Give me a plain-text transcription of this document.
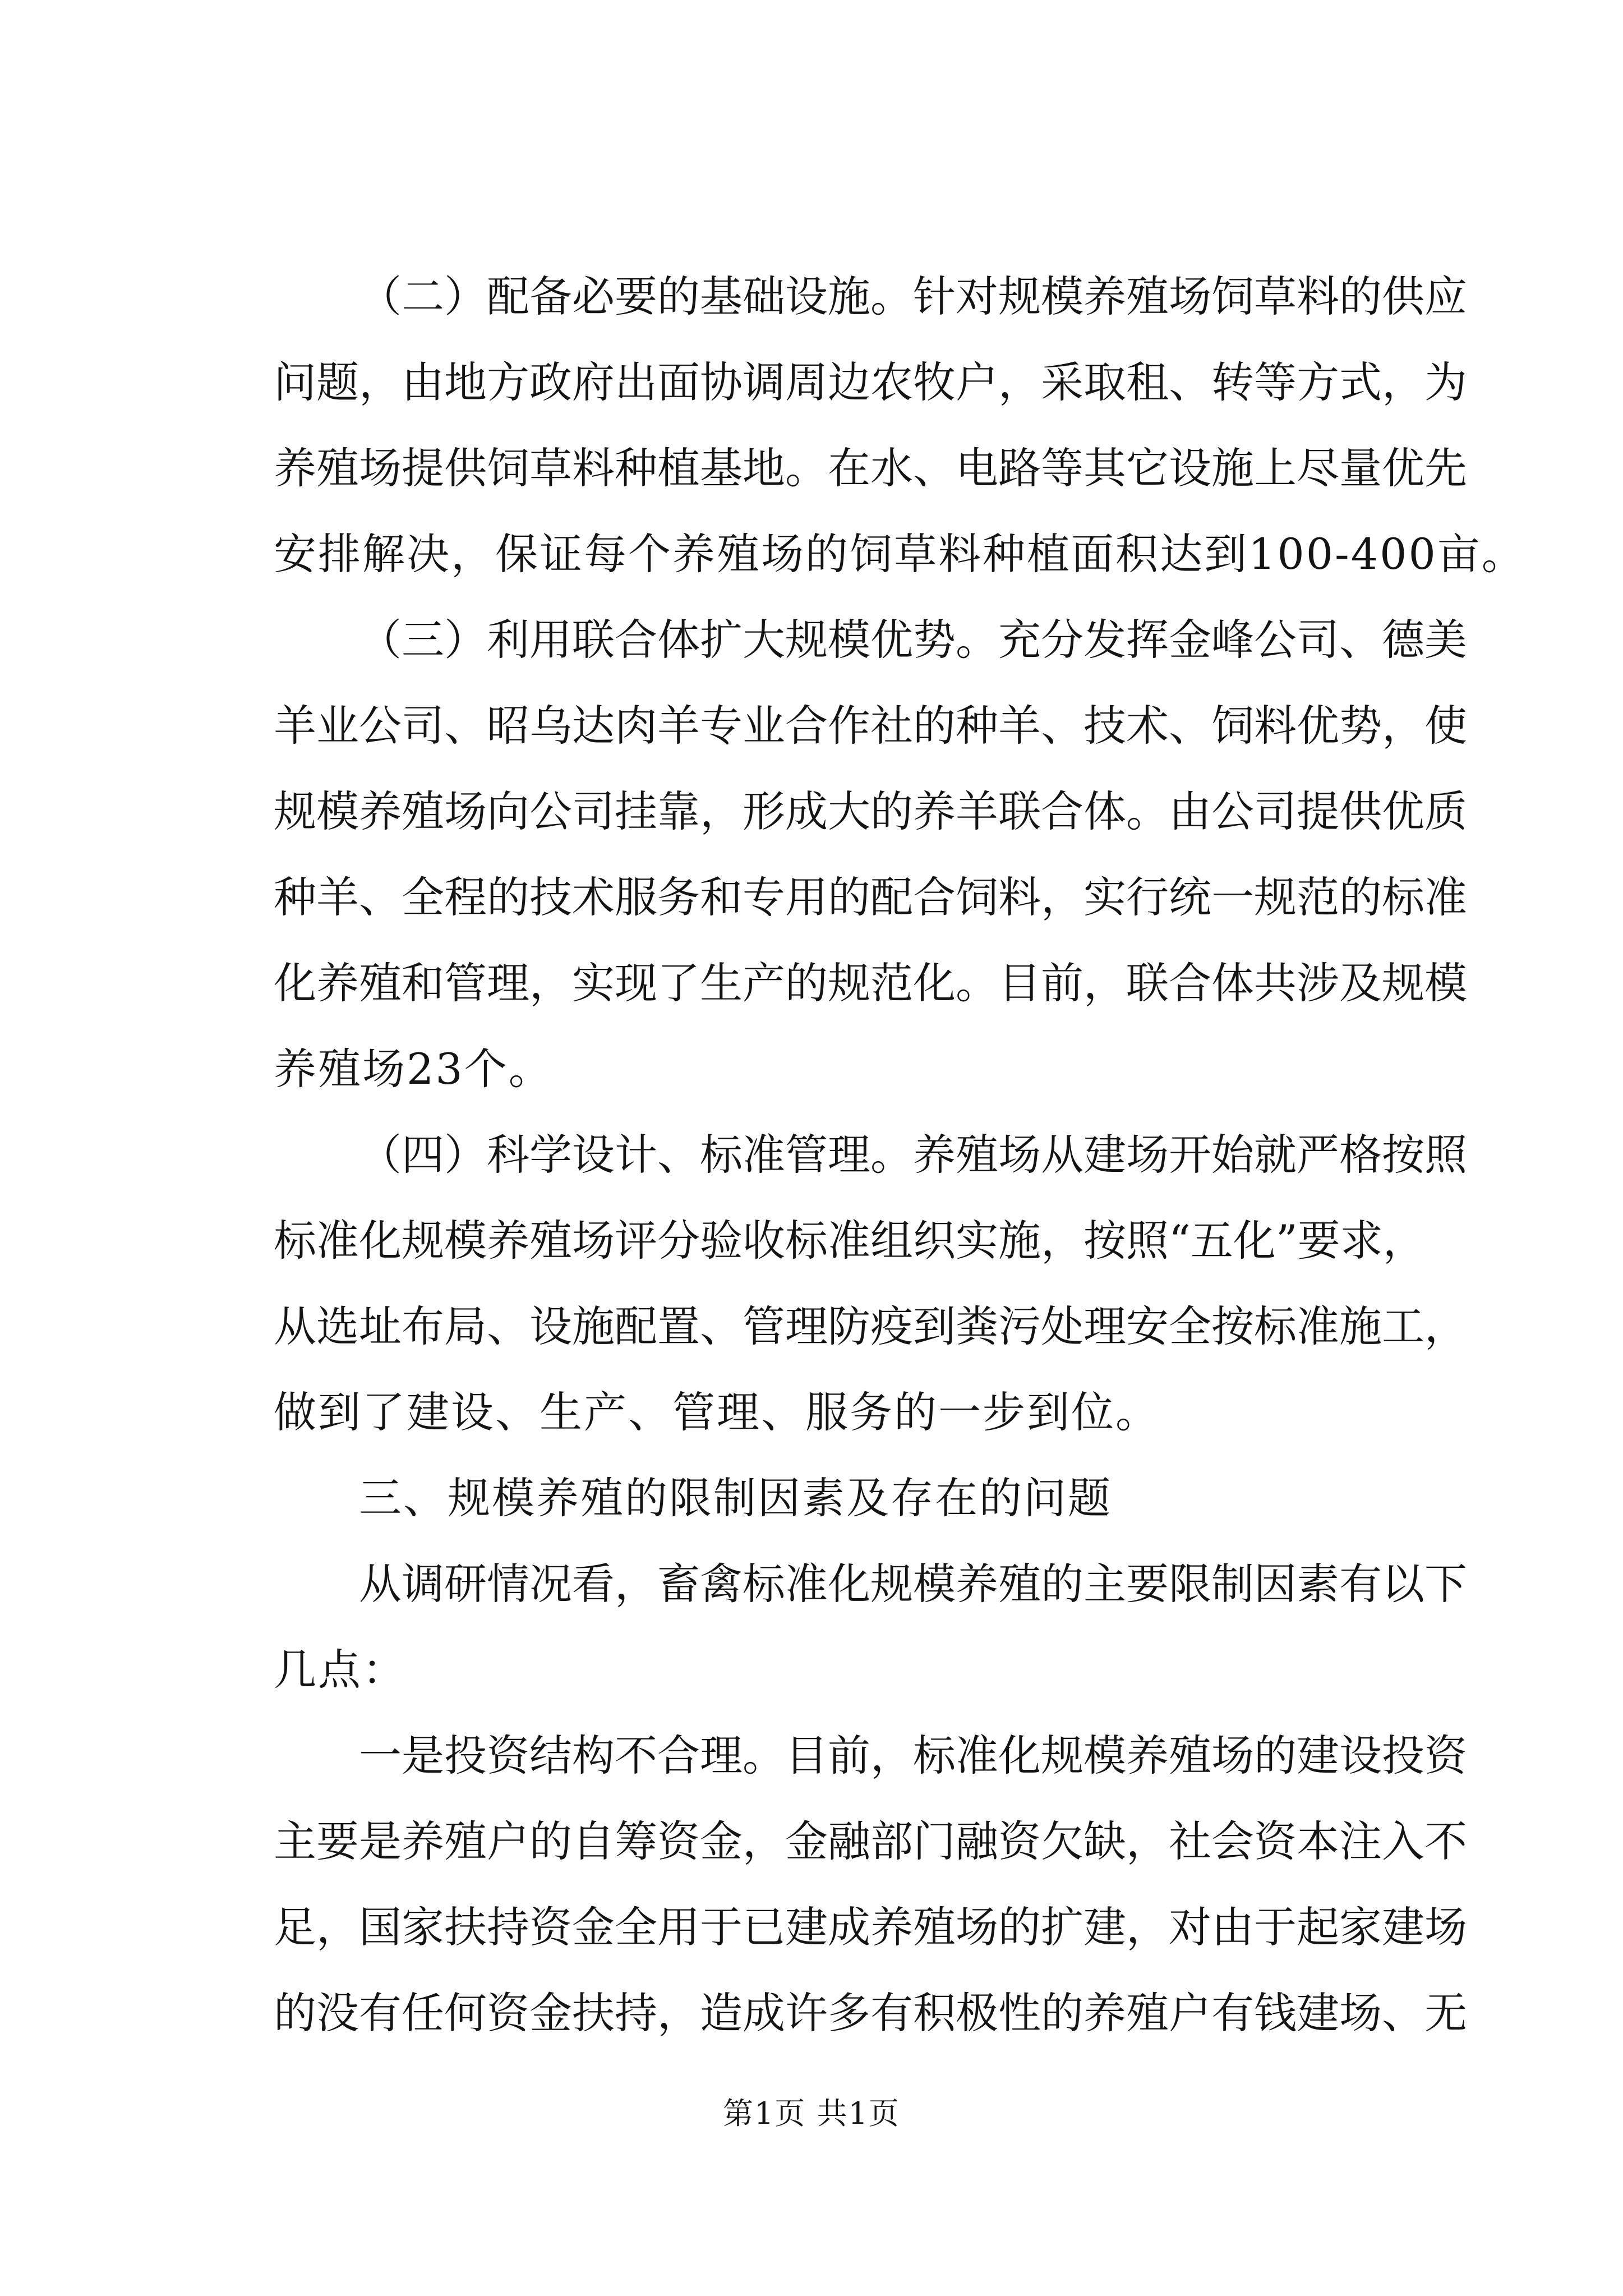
（二）配备必要的基础设施。针对规模养殖场饲草料的供应
问题，由地方政府出面协调周边农牧户，采取租、转等方式，为
养殖场提供饲草料种植基地。在水、电路等其它设施上尽量优先
安排解决，保证每个养殖场的饲草料种植面积达到100-400亩。
（三）利用联合体扩大规模优势。充分发挥金峰公司、德美
羊业公司、昭乌达肉羊专业合作社的种羊、技术、饲料优势，使
规模养殖场向公司挂靠，形成大的养羊联合体。由公司提供优质
种羊、全程的技术服务和专用的配合饲料，实行统一规范的标准
化养殖和管理，实现了生产的规范化。目前，联合体共涉及规模
养殖场23个。
（四）科学设计、标准管理。养殖场从建场开始就严格按照
标准化规模养殖场评分验收标准组织实施，按照“五化”要求，
从选址布局、设施配置、管理防疫到粪污处理安全按标准施工，
做到了建设、生产、管理、服务的一步到位。
三、规模养殖的限制因素及存在的问题
从调研情况看，畜禽标准化规模养殖的主要限制因素有以下
几点：
一是投资结构不合理。目前，标准化规模养殖场的建设投资
主要是养殖户的自筹资金，金融部门融资欠缺，社会资本注入不
足，国家扶持资金全用于已建成养殖场的扩建，对由于起家建场
的没有任何资金扶持，造成许多有积极性的养殖户有钱建场、无
第1页 共1页
